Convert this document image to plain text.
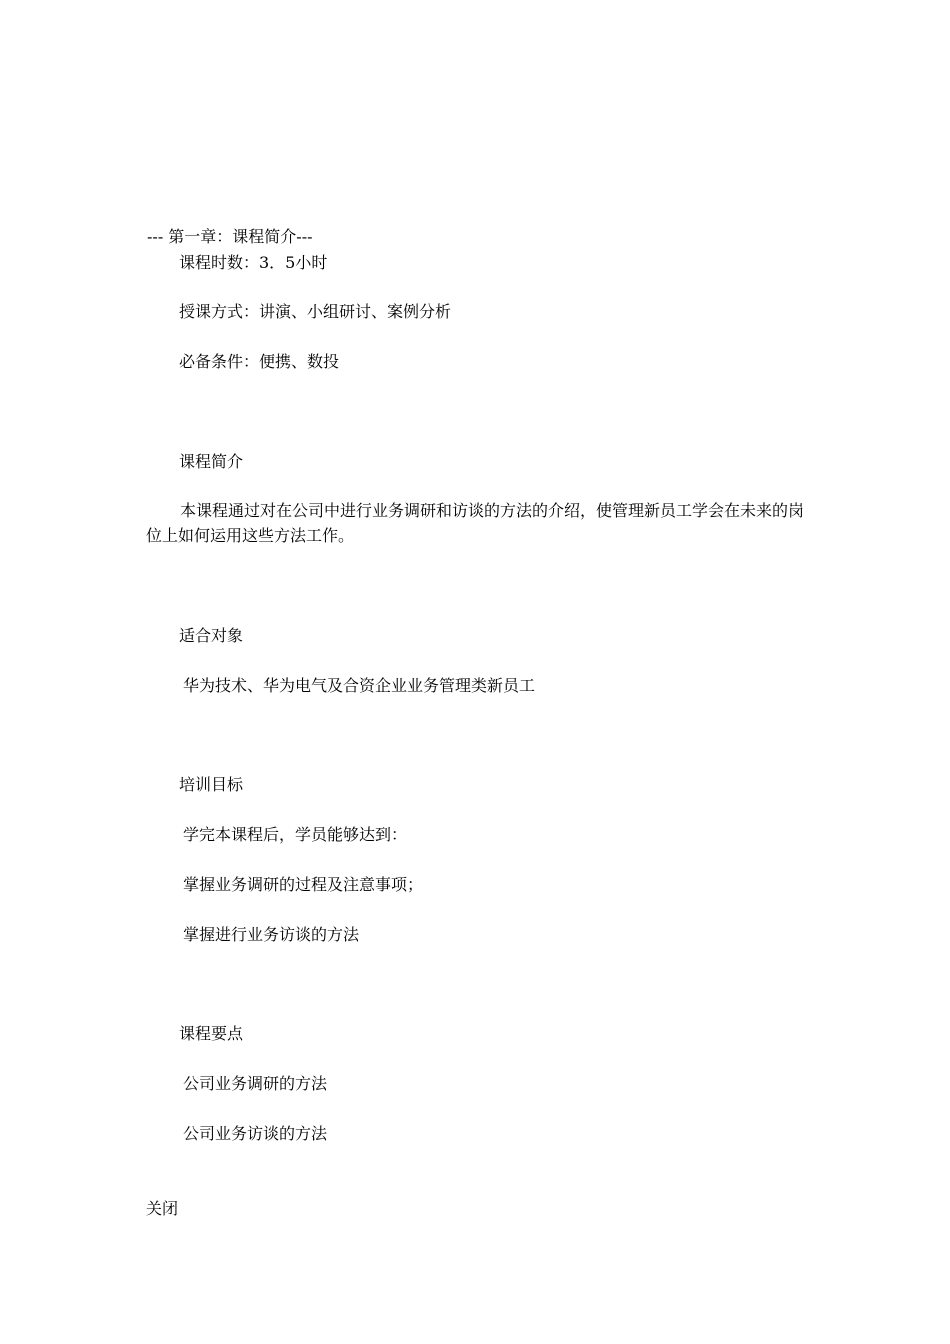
--- 第一章：课程简介---

课程时数：3．5小时

授课方式：讲演、小组研讨、案例分析

必备条件：便携、数投

课程简介

本课程通过对在公司中进行业务调研和访谈的方法的介绍，使管理新员工学会在未来的岗位上如何运用这些方法工作。

适合对象

华为技术、华为电气及合资企业业务管理类新员工

培训目标

学完本课程后，学员能够达到：

掌握业务调研的过程及注意事项；

掌握进行业务访谈的方法

课程要点

公司业务调研的方法

公司业务访谈的方法

关闭
